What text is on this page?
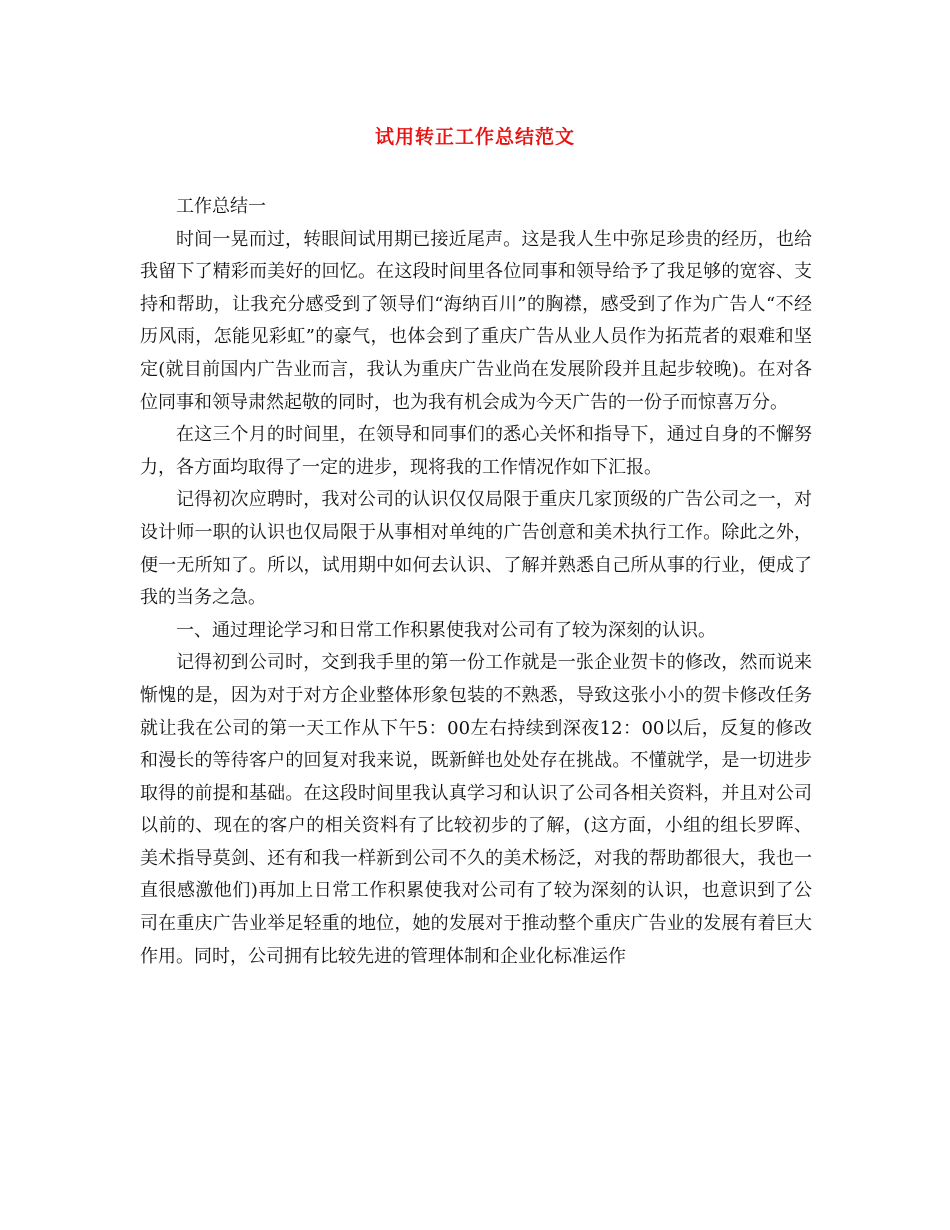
试用转正工作总结范文

工作总结一

时间一晃而过，转眼间试用期已接近尾声。这是我人生中弥足珍贵的经历，也给我留下了精彩而美好的回忆。在这段时间里各位同事和领导给予了我足够的宽容、支持和帮助，让我充分感受到了领导们“海纳百川”的胸襟，感受到了作为广告人“不经历风雨，怎能见彩虹”的豪气，也体会到了重庆广告从业人员作为拓荒者的艰难和坚定(就目前国内广告业而言，我认为重庆广告业尚在发展阶段并且起步较晚)。在对各位同事和领导肃然起敬的同时，也为我有机会成为今天广告的一份子而惊喜万分。

在这三个月的时间里，在领导和同事们的悉心关怀和指导下，通过自身的不懈努力，各方面均取得了一定的进步，现将我的工作情况作如下汇报。

记得初次应聘时，我对公司的认识仅仅局限于重庆几家顶级的广告公司之一，对设计师一职的认识也仅局限于从事相对单纯的广告创意和美术执行工作。除此之外，便一无所知了。所以，试用期中如何去认识、了解并熟悉自己所从事的行业，便成了我的当务之急。

一、通过理论学习和日常工作积累使我对公司有了较为深刻的认识。

记得初到公司时，交到我手里的第一份工作就是一张企业贺卡的修改，然而说来惭愧的是，因为对于对方企业整体形象包装的不熟悉，导致这张小小的贺卡修改任务就让我在公司的第一天工作从下午5：00左右持续到深夜12：00以后，反复的修改和漫长的等待客户的回复对我来说，既新鲜也处处存在挑战。不懂就学，是一切进步取得的前提和基础。在这段时间里我认真学习和认识了公司各相关资料，并且对公司以前的、现在的客户的相关资料有了比较初步的了解，(这方面，小组的组长罗晖、美术指导莫剑、还有和我一样新到公司不久的美术杨泛，对我的帮助都很大，我也一直很感激他们)再加上日常工作积累使我对公司有了较为深刻的认识，也意识到了公司在重庆广告业举足轻重的地位，她的发展对于推动整个重庆广告业的发展有着巨大作用。同时，公司拥有比较先进的管理体制和企业化标准运作
